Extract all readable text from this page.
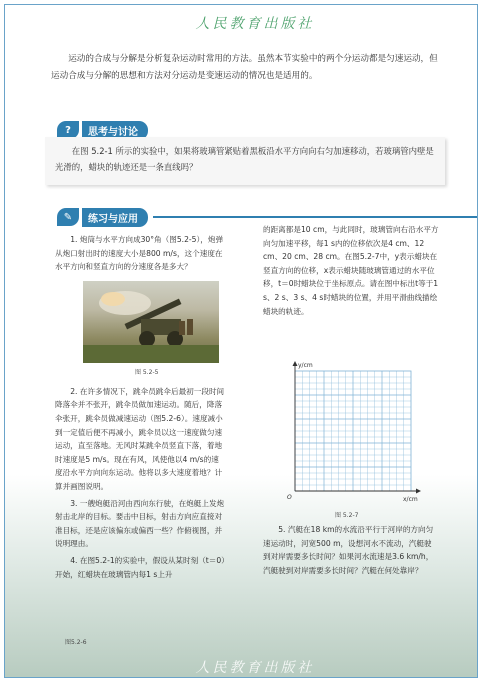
人民教育出版社

运动的合成与分解是分析复杂运动时常用的方法。虽然本节实验中的两个分运动都是匀速运动，但运动合成与分解的思想和方法对分运动是变速运动的情况也是适用的。

?	思考与讨论

在图 5.2-1 所示的实验中，如果将玻璃管紧贴着黑板沿水平方向向右匀加速移动，若玻璃管内壁是光滑的，蜡块的轨迹还是一条直线吗？

✎	练习与应用

1. 炮筒与水平方向成30°角（图5.2-5），炮弹从炮口射出时的速度大小是800 m/s，这个速度在水平方向和竖直方向的分速度各是多大？

2. 在许多情况下，跳伞员跳伞后最初一段时间降落伞并不张开，跳伞员做加速运动。随后，降落伞张开，跳伞员做减速运动（图5.2-6）。速度减小到一定值后便不再减小，跳伞员以这一速度做匀速运动，直至落地。无风时某跳伞员竖直下落，着地时速度是5 m/s。现在有风，风使他以4 m/s的速度沿水平方向向东运动。他将以多大速度着地？计算并画图说明。

3. 一艘炮艇沿河由西向东行驶，在炮艇上发炮射击北岸的目标。要击中目标，射击方向应直接对准目标，还是应该偏东或偏西一些？作俯视图，并说明理由。

4. 在图5.2-1的实验中，假设从某时刻（t＝0）开始，红蜡块在玻璃管内每1 s上升

图 5.2-5

的距离都是10 cm，与此同时，玻璃管向右沿水平方向匀加速平移，每1 s内的位移依次是4 cm、12 cm、20 cm、28 cm。在图5.2-7中，y表示蜡块在竖直方向的位移，x表示蜡块随玻璃管通过的水平位移，t＝0时蜡块位于坐标原点。请在图中标出t等于1 s、2 s、3 s、4 s时蜡块的位置，并用平滑曲线描绘蜡块的轨迹。

y/cm
x/cm
O
图 5.2-7

5. 汽艇在18 km的水流沿平行于河岸的方向匀速运动时，河宽500 m，设想河水不流动，汽艇驶到对岸需要多长时间？如果河水流速是3.6 km/h，汽艇驶到对岸需要多长时间？汽艇在何处靠岸？

图5.2-6
人民教育出版社
